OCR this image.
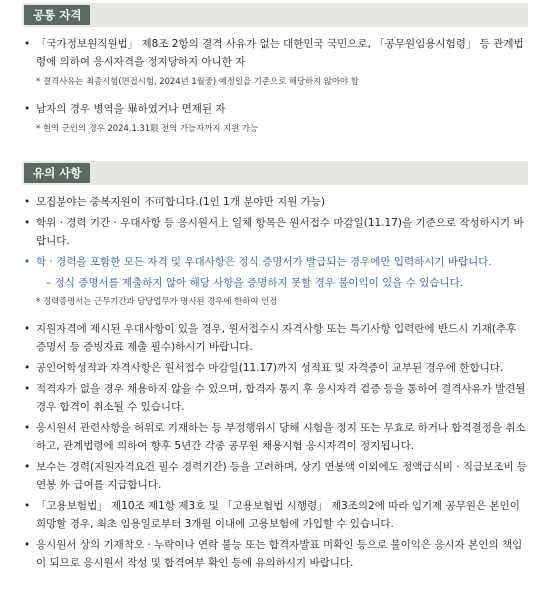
공통 자격
• 「국가정보원직원법」 제8조 2항의 결격 사유가 없는 대한민국 국민으로, 「공무원임용시험령」 등 관계법령에 의하여 응시자격을 정지당하지 아니한 자
* 결격사유는 최종시험(면접시험, 2024년 1월중) 예정일을 기준으로 해당하지 않아야 함
• 남자의 경우 병역을 畢하였거나 면제된 자
* 현역 군인의 경우 2024.1.31限 전역 가능자까지 지원 가능
유의 사항
• 모집분야는 중복지원이 不可합니다.(1인 1개 분야만 지원 가능)
• 학위 · 경력 기간 · 우대사항 등 응시원서上 일체 항목은 원서접수 마감일(11.17)을 기준으로 작성하시기 바랍니다.
• 학 · 경력을 포함한 모든 자격 및 우대사항은 정식 증명서가 발급되는 경우에만 입력하시기 바랍니다.
– 정식 증명서를 제출하지 않아 해당 사항을 증명하지 못할 경우 불이익이 있을 수 있습니다.
* 경력증명서는 근무기간과 담당업무가 명시된 경우에 한하여 인정
• 지원자격에 제시된 우대사항이 있을 경우, 원서접수시 자격사항 또는 특기사항 입력란에 반드시 기재(추후 증명서 등 증빙자료 제출 필수)하시기 바랍니다.
• 공인어학성적과 자격사항은 원서접수 마감일(11.17)까지 성적표 및 자격증이 교부된 경우에 한합니다.
• 적격자가 없을 경우 채용하지 않을 수 있으며, 합격자 통지 후 응시자격 검증 등을 통하여 결격사유가 발견될 경우 합격이 취소될 수 있습니다.
• 응시원서 관련사항을 허위로 기재하는 등 부정행위시 당해 시험을 정지 또는 무효로 하거나 합격결정을 취소하고, 관계법령에 의하여 향후 5년간 각종 공무원 채용시험 응시자격이 정지됩니다.
• 보수는 경력(지원자격요건 필수 경력기간) 등을 고려하며, 상기 연봉액 이외에도 정액급식비 · 직급보조비 등 연봉 外 급여를 지급합니다.
• 「고용보험법」 제10조 제1항 제3호 및 「고용보험법 시행령」 제3조의2에 따라 임기제 공무원은 본인이 희망할 경우, 최초 임용일로부터 3개월 이내에 고용보험에 가입할 수 있습니다.
• 응시원서 상의 기재착오 · 누락이나 연락 불능 또는 합격자발표 미확인 등으로 불이익은 응시자 본인의 책임이 되므로 응시원서 작성 및 합격여부 확인 등에 유의하시기 바랍니다.
